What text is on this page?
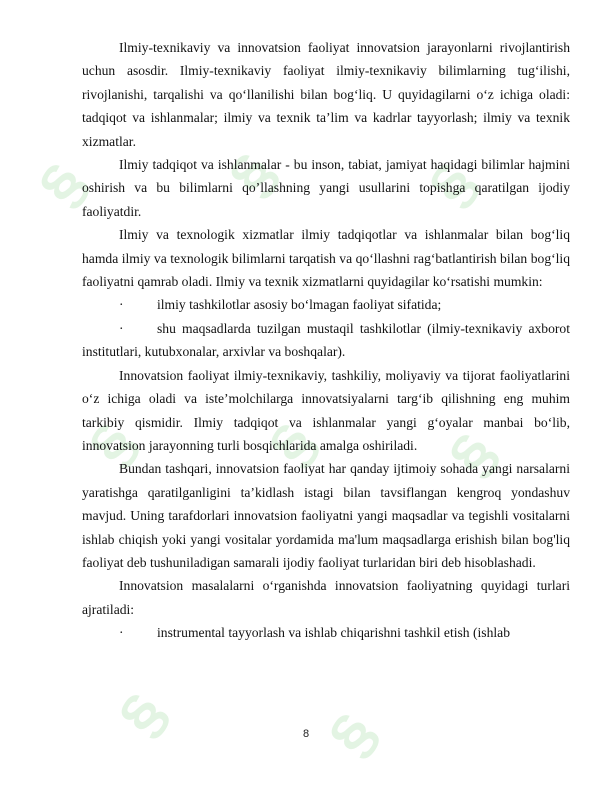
§ § §
§ § §
§ §

Ilmiy-texnikaviy va innovatsion faoliyat innovatsion jarayonlarni rivojlantirish uchun asosdir. Ilmiy-texnikaviy faoliyat ilmiy-texnikaviy bilimlarning tug‘ilishi, rivojlanishi, tarqalishi va qo‘llanilishi bilan bog‘liq. U quyidagilarni o‘z ichiga oladi: tadqiqot va ishlanmalar; ilmiy va texnik ta’lim va kadrlar tayyorlash; ilmiy va texnik xizmatlar.

Ilmiy tadqiqot va ishlanmalar - bu inson, tabiat, jamiyat haqidagi bilimlar hajmini oshirish va bu bilimlarni qo’llashning yangi usullarini topishga qaratilgan ijodiy faoliyatdir.

Ilmiy va texnologik xizmatlar ilmiy tadqiqotlar va ishlanmalar bilan bog‘liq hamda ilmiy va texnologik bilimlarni tarqatish va qo‘llashni rag‘batlantirish bilan bog‘liq faoliyatni qamrab oladi. Ilmiy va texnik xizmatlarni quyidagilar ko‘rsatishi mumkin:

· ilmiy tashkilotlar asosiy bo‘lmagan faoliyat sifatida;
· shu maqsadlarda tuzilgan mustaqil tashkilotlar (ilmiy-texnikaviy axborot institutlari, kutubxonalar, arxivlar va boshqalar).

Innovatsion faoliyat ilmiy-texnikaviy, tashkiliy, moliyaviy va tijorat faoliyatlarini o‘z ichiga oladi va iste’molchilarga innovatsiyalarni targ‘ib qilishning eng muhim tarkibiy qismidir. Ilmiy tadqiqot va ishlanmalar yangi g‘oyalar manbai bo‘lib, innovatsion jarayonning turli bosqichlarida amalga oshiriladi.

Bundan tashqari, innovatsion faoliyat har qanday ijtimoiy sohada yangi narsalarni yaratishga qaratilganligini ta’kidlash istagi bilan tavsiflangan kengroq yondashuv mavjud. Uning tarafdorlari innovatsion faoliyatni yangi maqsadlar va tegishli vositalarni ishlab chiqish yoki yangi vositalar yordamida ma'lum maqsadlarga erishish bilan bog'liq faoliyat deb tushuniladigan samarali ijodiy faoliyat turlaridan biri deb hisoblashadi.

Innovatsion masalalarni o‘rganishda innovatsion faoliyatning quyidagi turlari ajratiladi:

· instrumental tayyorlash va ishlab chiqarishni tashkil etish (ishlab
8
